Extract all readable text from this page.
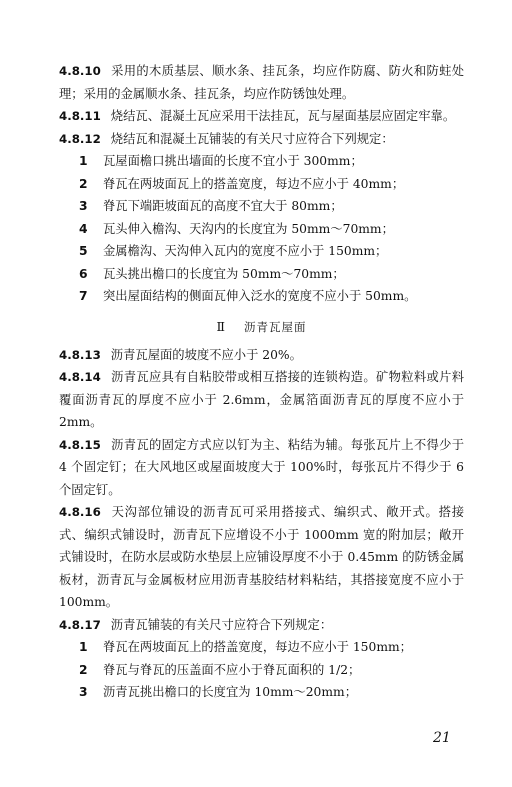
4.8.10 采用的木质基层、顺水条、挂瓦条，均应作防腐、防火和防蛀处理；采用的金属顺水条、挂瓦条，均应作防锈蚀处理。
4.8.11 烧结瓦、混凝土瓦应采用干法挂瓦，瓦与屋面基层应固定牢靠。
4.8.12 烧结瓦和混凝土瓦铺装的有关尺寸应符合下列规定：
1 瓦屋面檐口挑出墙面的长度不宜小于 300mm；
2 脊瓦在两坡面瓦上的搭盖宽度，每边不应小于 40mm；
3 脊瓦下端距坡面瓦的高度不宜大于 80mm；
4 瓦头伸入檐沟、天沟内的长度宜为 50mm～70mm；
5 金属檐沟、天沟伸入瓦内的宽度不应小于 150mm；
6 瓦头挑出檐口的长度宜为 50mm～70mm；
7 突出屋面结构的侧面瓦伸入泛水的宽度不应小于 50mm。
Ⅱ 沥青瓦屋面
4.8.13 沥青瓦屋面的坡度不应小于 20%。
4.8.14 沥青瓦应具有自粘胶带或相互搭接的连锁构造。矿物粒料或片料覆面沥青瓦的厚度不应小于 2.6mm，金属箔面沥青瓦的厚度不应小于 2mm。
4.8.15 沥青瓦的固定方式应以钉为主、粘结为辅。每张瓦片上不得少于 4 个固定钉；在大风地区或屋面坡度大于 100%时，每张瓦片不得少于 6 个固定钉。
4.8.16 天沟部位铺设的沥青瓦可采用搭接式、编织式、敞开式。搭接式、编织式铺设时，沥青瓦下应增设不小于 1000mm 宽的附加层；敞开式铺设时，在防水层或防水垫层上应铺设厚度不小于 0.45mm 的防锈金属板材，沥青瓦与金属板材应用沥青基胶结材料粘结，其搭接宽度不应小于 100mm。
4.8.17 沥青瓦铺装的有关尺寸应符合下列规定：
1 脊瓦在两坡面瓦上的搭盖宽度，每边不应小于 150mm；
2 脊瓦与脊瓦的压盖面不应小于脊瓦面积的 1/2；
3 沥青瓦挑出檐口的长度宜为 10mm～20mm；
21
